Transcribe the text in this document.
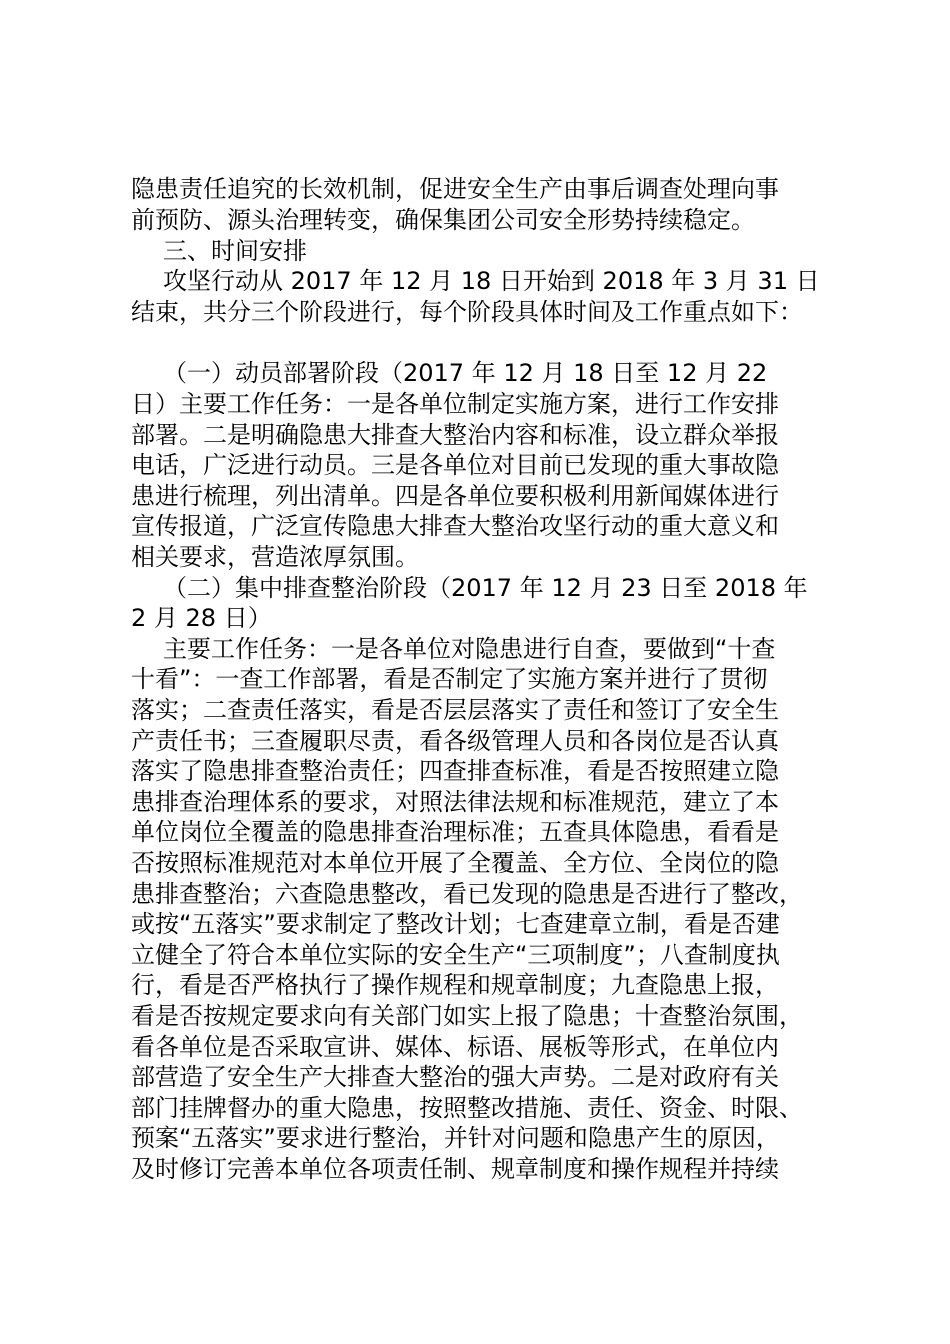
隐患责任追究的长效机制，促进安全生产由事后调查处理向事
前预防、源头治理转变，确保集团公司安全形势持续稳定。
三、时间安排
攻坚行动从 2017 年 12 月 18 日开始到 2018 年 3 月 31 日
结束，共分三个阶段进行，每个阶段具体时间及工作重点如下：
（一）动员部署阶段（2017 年 12 月 18 日至 12 月 22
日）主要工作任务：一是各单位制定实施方案，进行工作安排
部署。二是明确隐患大排查大整治内容和标准，设立群众举报
电话，广泛进行动员。三是各单位对目前已发现的重大事故隐
患进行梳理，列出清单。四是各单位要积极利用新闻媒体进行
宣传报道，广泛宣传隐患大排查大整治攻坚行动的重大意义和
相关要求，营造浓厚氛围。
（二）集中排查整治阶段（2017 年 12 月 23 日至 2018 年
2 月 28 日）
主要工作任务：一是各单位对隐患进行自查，要做到“十查
十看”：一查工作部署，看是否制定了实施方案并进行了贯彻
落实；二查责任落实，看是否层层落实了责任和签订了安全生
产责任书；三查履职尽责，看各级管理人员和各岗位是否认真
落实了隐患排查整治责任；四查排查标准，看是否按照建立隐
患排查治理体系的要求，对照法律法规和标准规范，建立了本
单位岗位全覆盖的隐患排查治理标准；五查具体隐患，看看是
否按照标准规范对本单位开展了全覆盖、全方位、全岗位的隐
患排查整治；六查隐患整改，看已发现的隐患是否进行了整改，
或按“五落实”要求制定了整改计划；七查建章立制，看是否建
立健全了符合本单位实际的安全生产“三项制度”；八查制度执
行，看是否严格执行了操作规程和规章制度；九查隐患上报，
看是否按规定要求向有关部门如实上报了隐患；十查整治氛围，
看各单位是否采取宣讲、媒体、标语、展板等形式，在单位内
部营造了安全生产大排查大整治的强大声势。二是对政府有关
部门挂牌督办的重大隐患，按照整改措施、责任、资金、时限、
预案“五落实”要求进行整治，并针对问题和隐患产生的原因，
及时修订完善本单位各项责任制、规章制度和操作规程并持续
